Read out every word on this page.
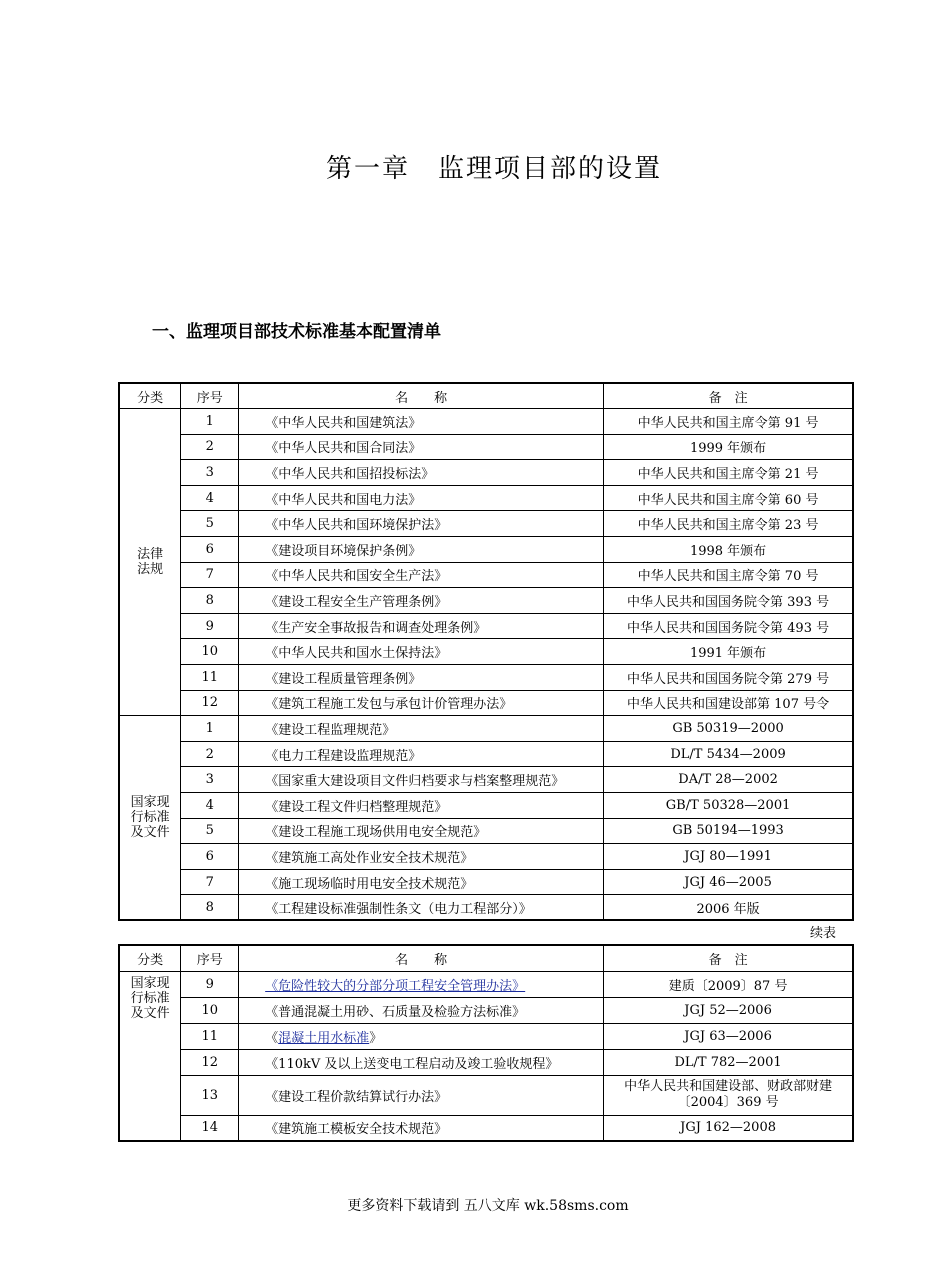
第一章　监理项目部的设置
一、监理项目部技术标准基本配置清单
分类	序号	名　　称	备　注

法律
法规	1	《中华人民共和国建筑法》	中华人民共和国主席令第 91 号
	2	《中华人民共和国合同法》	1999 年颁布
	3	《中华人民共和国招投标法》	中华人民共和国主席令第 21 号
	4	《中华人民共和国电力法》	中华人民共和国主席令第 60 号
	5	《中华人民共和国环境保护法》	中华人民共和国主席令第 23 号
	6	《建设项目环境保护条例》	1998 年颁布
	7	《中华人民共和国安全生产法》	中华人民共和国主席令第 70 号
	8	《建设工程安全生产管理条例》	中华人民共和国国务院令第 393 号
	9	《生产安全事故报告和调查处理条例》	中华人民共和国国务院令第 493 号
	10	《中华人民共和国水土保持法》	1991 年颁布
	11	《建设工程质量管理条例》	中华人民共和国国务院令第 279 号
	12	《建筑工程施工发包与承包计价管理办法》	中华人民共和国建设部第 107 号令

国家现
行标准
及文件	1	《建设工程监理规范》	GB 50319—2000
	2	《电力工程建设监理规范》	DL/T 5434—2009
	3	《国家重大建设项目文件归档要求与档案整理规范》	DA/T 28—2002
	4	《建设工程文件归档整理规范》	GB/T 50328—2001
	5	《建设工程施工现场供用电安全规范》	GB 50194—1993
	6	《建筑施工高处作业安全技术规范》	JGJ 80—1991
	7	《施工现场临时用电安全技术规范》	JGJ 46—2005
	8	《工程建设标准强制性条文（电力工程部分）》	2006 年版
续表
分类	序号	名　　称	备　注

国家现
行标准
及文件	9	《危险性较大的分部分项工程安全管理办法》	建质〔2009〕87 号
	10	《普通混凝土用砂、石质量及检验方法标准》	JGJ 52—2006
	11	《混凝土用水标准》	JGJ 63—2006
	12	《110kV 及以上送变电工程启动及竣工验收规程》	DL/T 782—2001
	13	《建设工程价款结算试行办法》	中华人民共和国建设部、财政部财建
〔2004〕369 号

	14	《建筑施工模板安全技术规范》	JGJ 162—2008
更多资料下载请到 五八文库 wk.58sms.com
